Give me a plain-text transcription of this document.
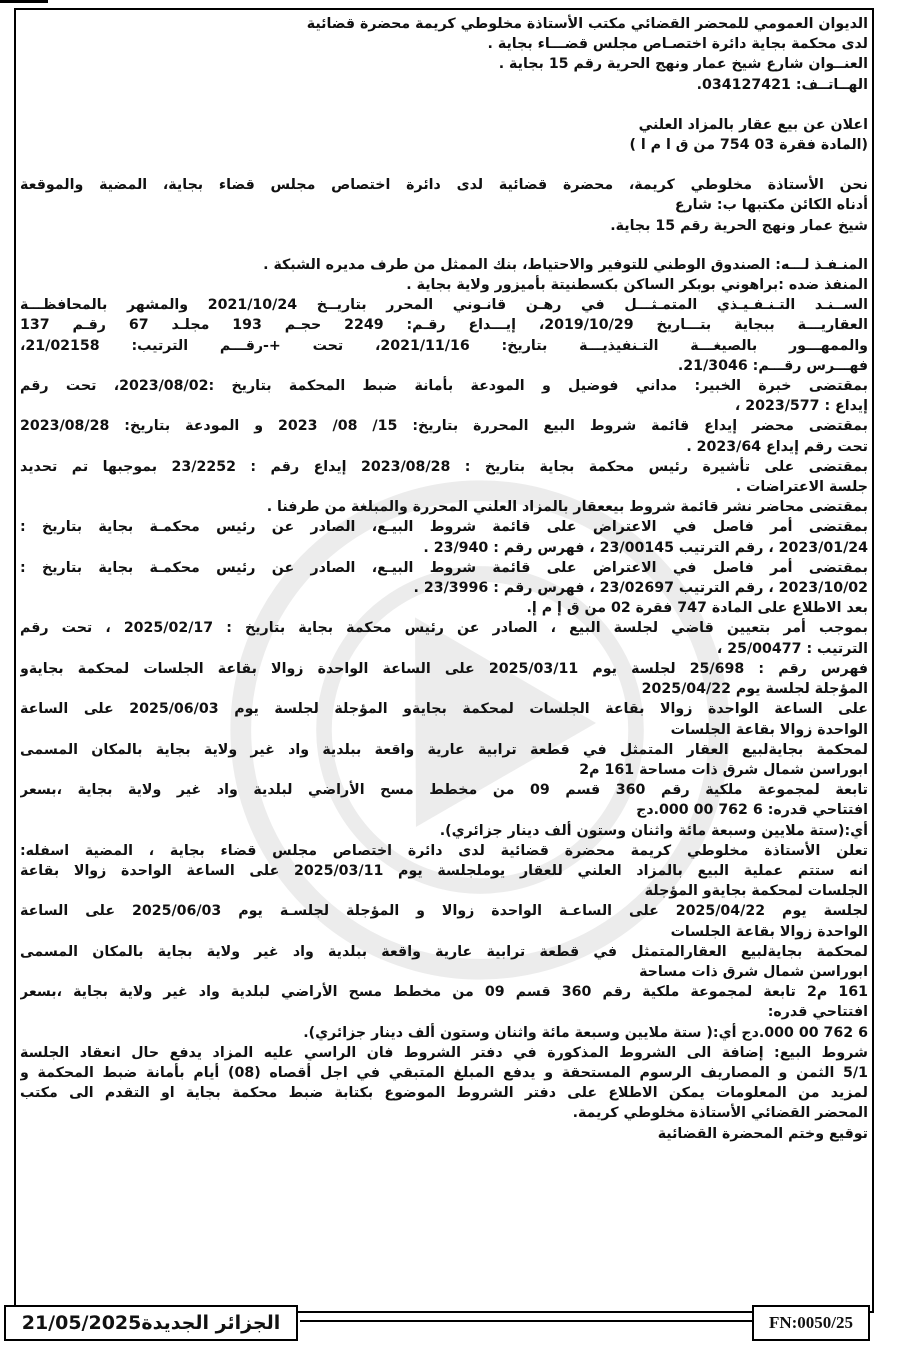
الديوان العمومي للمحضر القضائي مكتب الأستاذة مخلوطي كريمة محضرة قضائية

لدى محكمة بجاية دائرة اختصـاص مجلس قضـــاء بجاية .

العنــوان شارع شيخ عمار ونهج الحرية رقم 15 بجاية .

الهــاتــف: 034127421.

اعلان عن بيع عقار بالمزاد العلني

(المادة فقرة 03 754 من ق ا م ا )

نحن الأستاذة مخلوطي كريمة، محضرة قضائية لدى دائرة اختصاص مجلس قضاء بجاية، المضية والموقعة

أدناه الكائن مكتبها ب: شارع

شيخ عمار ونهج الحرية رقم 15 بجاية.

المنـفـذ لـــه: الصندوق الوطني للتوفير والاحتياط، بنك الممثل من طرف مديره الشبكة .

المنفذ ضده :براهوني بوبكر الساكن بكسطنيتة بأميزور ولاية بجاية .

الســنـد التـنـفـيـذي المتمـثـــل في رهـن قانـوني المحرر بتاريــخ 2021/10/24 والمشهر بالمحافظـــة

العقاريـــة ببجاية بتـــاريخ 2019/10/29، إيـــداع رقـم: 2249 حجـم 193 مجلـد 67 رقـم 137

والممهـــور بالصيغـــة التـنفيذيـــة بتاريخ: 2021/11/16، تحت +-رقـــم الترتيب: 21/02158،

فهـــرس رقـــم: 21/3046.

بمقتضى خبرة الخبير: مداني فوضيل و المودعة بأمانة ضبط المحكمة بتاريخ :2023/08/02، تحت رقم

إيداع : 2023/577 ،

بمقتضى محضر إيداع قائمة شروط البيع المحررة بتاريخ: 15/ 08/ 2023 و المودعة بتاريخ: 2023/08/28

تحت رقم إيداع 2023/64 .

بمقتضى على تأشيرة رئيس محكمة بجاية بتاريخ : 2023/08/28 إيداع رقم : 23/2252 بموجبها تم تحديد

جلسة الاعتراضات .

بمقتضى محاضر نشر قائمة شروط بيععقار بالمزاد العلني المحررة والمبلغة من طرفنا .

بمقتضى أمر فاصل في الاعتراض على قائمة شروط البيـع، الصادر عن رئيس محكمـة بجاية بتاريخ :

2023/01/24 ، رقم الترتيب 23/00145 ، فهرس رقم : 23/940 .

بمقتضى أمر فاصل في الاعتراض على قائمة شروط البيـع، الصادر عن رئيس محكمـة بجاية بتاريخ :

2023/10/02 ، رقم الترتيب 23/02697 ، فهرس رقم : 23/3996 .

بعد الاطلاع على المادة 747 فقرة 02 من ق إ م إ.

بموجب أمر بتعيين قاضي لجلسة البيع ، الصادر عن رئيس محكمة بجاية بتاريخ : 2025/02/17 ، تحت رقم

الترتيب : 25/00477 ،

فهرس رقم : 25/698 لجلسة يوم 2025/03/11 على الساعة الواحدة زوالا بقاعة الجلسات لمحكمة بجايةو

المؤجلة لجلسة يوم 2025/04/22

على الساعة الواحدة زوالا بقاعة الجلسات لمحكمة بجايةو المؤجلة لجلسة يوم 2025/06/03 على الساعة

الواحدة زوالا بقاعة الجلسات

لمحكمة بجايةلبيع العقار المتمثل في قطعة ترابية عارية واقعة ببلدية واد غير ولاية بجاية بالمكان المسمى

ابوراسن شمال شرق ذات مساحة 161 م2

تابعة لمجموعة ملكية رقم 360 قسم 09 من مخطط مسح الأراضي لبلدية واد غير ولاية بجاية ،بسعر

افتتاحي قدره: 6 762 00 000.دج

أي:(ستة ملايين وسبعة مائة واثنان وستون ألف دينار جزائري).

تعلن الأستاذة مخلوطي كريمة محضرة قضائية لدى دائرة اختصاص مجلس قضاء بجاية ، المضية اسفله:

انه ستتم عملية البيع بالمزاد العلني للعقار يوملجلسة يوم 2025/03/11 على الساعة الواحدة زوالا بقاعة

الجلسات لمحكمة بجايةو المؤجلة

لجلسة يوم 2025/04/22 على الساعـة الواحدة زوالا و المؤجلة لجلسـة يوم 2025/06/03 على الساعة

الواحدة زوالا بقاعة الجلسات

لمحكمة بجايةلبيع العقارالمتمثل في قطعة ترابية عارية واقعة ببلدية واد غير ولاية بجاية بالمكان المسمى

ابوراسن شمال شرق ذات مساحة

161 م2 تابعة لمجموعة ملكية رقم 360 قسم 09 من مخطط مسح الأراضي لبلدية واد غير ولاية بجاية ،بسعر

افتتاحي قدره:

6 762 00 000.دج أي:( ستة ملايين وسبعة مائة واثنان وستون ألف دينار جزائري).

شروط البيع: إضافة الى الشروط المذكورة في دفتر الشروط فان الراسي عليه المزاد يدفع حال انعقاد الجلسة

5/1 الثمن و المصاريف الرسوم المستحقة و يدفع المبلغ المتبقي في اجل أقصاه (08) أيام بأمانة ضبط المحكمة و

لمزيد من المعلومات يمكن الاطلاع على دفتر الشروط الموضوع بكتابة ضبط محكمة بجاية او التقدم الى مكتب

المحضر القضائي الأستاذة مخلوطي كريمة.

توقيع وختم المحضرة القضائية

الجزائر الجديدة21/05/2025	FN:0050/25
